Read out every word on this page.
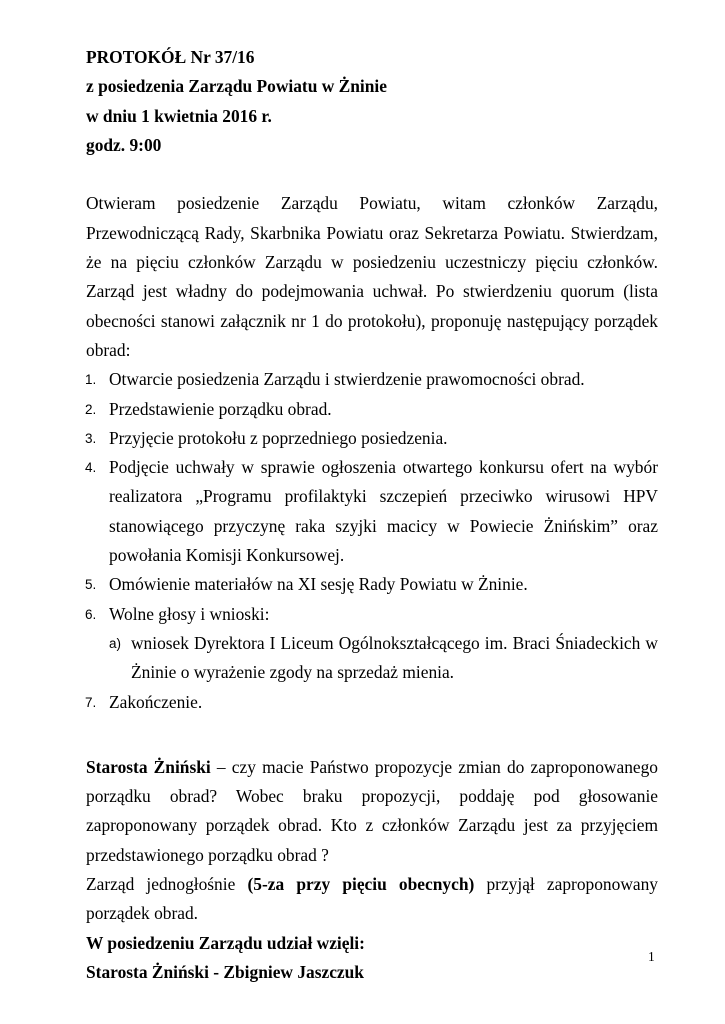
PROTOKÓŁ Nr 37/16

z posiedzenia Zarządu Powiatu w Żninie

w dniu 1 kwietnia 2016 r.

godz. 9:00

Otwieram posiedzenie Zarządu Powiatu, witam członków Zarządu, Przewodniczącą Rady, Skarbnika Powiatu oraz Sekretarza Powiatu. Stwierdzam, że na pięciu członków Zarządu w posiedzeniu uczestniczy pięciu członków. Zarząd jest władny do podejmowania uchwał. Po stwierdzeniu quorum (lista obecności stanowi załącznik nr 1 do protokołu), proponuję następujący porządek obrad:

1. Otwarcie posiedzenia Zarządu i stwierdzenie prawomocności obrad.
2. Przedstawienie porządku obrad.
3. Przyjęcie protokołu z poprzedniego posiedzenia.
4. Podjęcie uchwały w sprawie ogłoszenia otwartego konkursu ofert na wybór realizatora „Programu profilaktyki szczepień przeciwko wirusowi HPV stanowiącego przyczynę raka szyjki macicy w Powiecie Żnińskim” oraz powołania Komisji Konkursowej.
5. Omówienie materiałów na XI sesję Rady Powiatu w Żninie.
6. Wolne głosy i wnioski:
a) wniosek Dyrektora I Liceum Ogólnokształcącego im. Braci Śniadeckich w Żninie o wyrażenie zgody na sprzedaż mienia.
7. Zakończenie.

Starosta Żniński – czy macie Państwo propozycje zmian do zaproponowanego porządku obrad? Wobec braku propozycji, poddaję pod głosowanie zaproponowany porządek obrad. Kto z członków Zarządu jest za przyjęciem przedstawionego porządku obrad ?

Zarząd jednogłośnie (5-za przy pięciu obecnych) przyjął zaproponowany porządek obrad.

W posiedzeniu Zarządu udział wzięli:

Starosta Żniński - Zbigniew Jaszczuk

1
